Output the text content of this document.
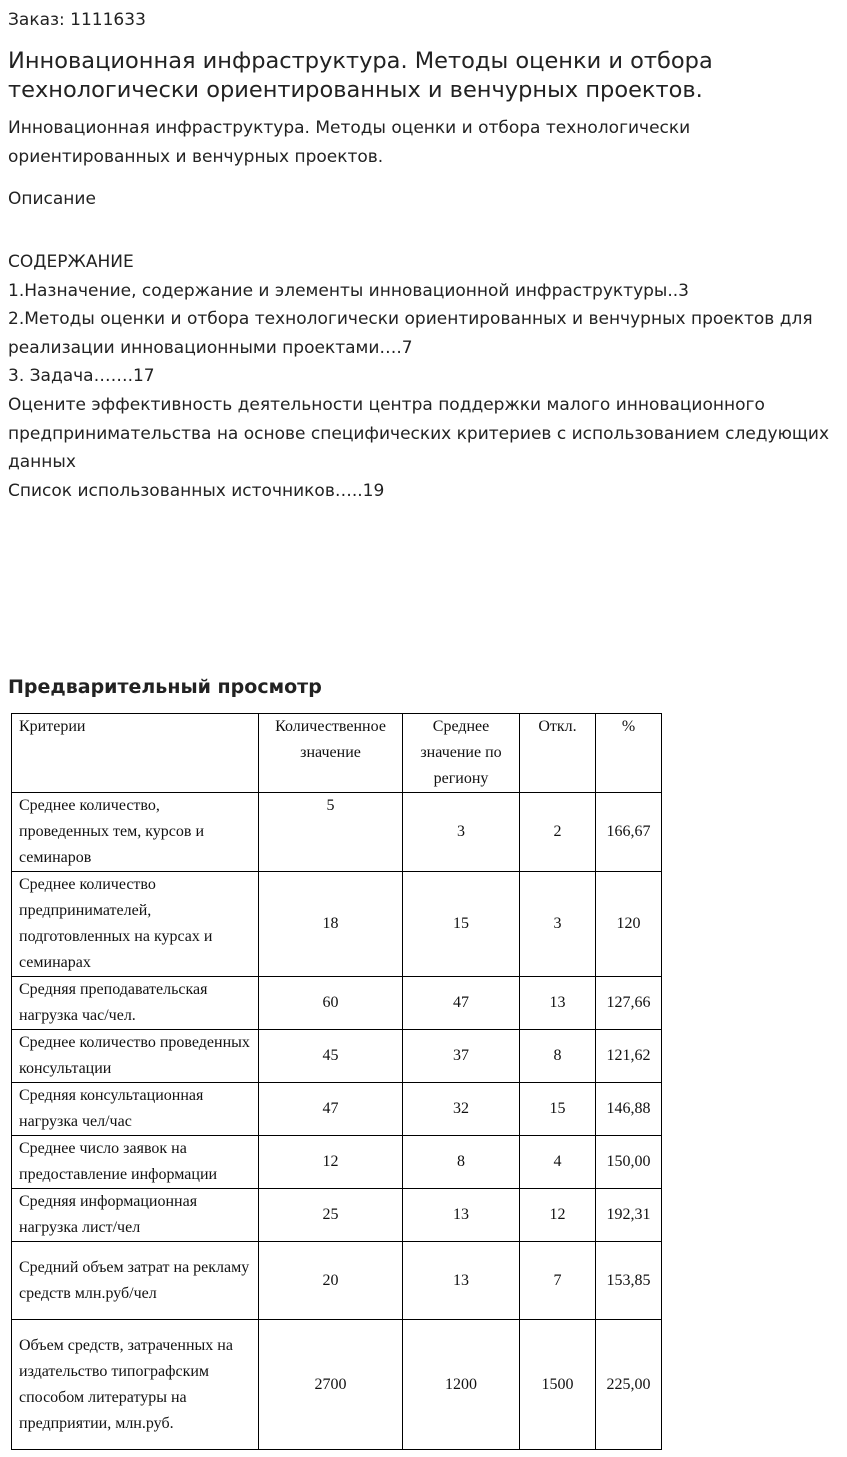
Заказ: 1111633
Инновационная инфраструктура. Методы оценки и отбора технологически ориентированных и венчурных проектов.
Инновационная инфраструктура. Методы оценки и отбора технологически ориентированных и венчурных проектов.
Описание
СОДЕРЖАНИЕ
1.Назначение, содержание и элементы инновационной инфраструктуры..3
2.Методы оценки и отбора технологически ориентированных и венчурных проектов для реализации инновационными проектами….7
3. Задача…….17
Оцените эффективность деятельности центра поддержки малого инновационного предпринимательства на основе специфических критериев с использованием следующих данных
Список использованных источников…..19
Предварительный просмотр
Критерии	Количественное значение	Среднее значение по региону	Откл.	%
Среднее количество, проведенных тем, курсов и семинаров	5	3	2	166,67
Среднее количество предпринимателей, подготовленных на курсах и семинарах	18	15	3	120
Средняя преподавательская нагрузка час/чел.	60	47	13	127,66
Среднее количество проведенных консультации	45	37	8	121,62
Средняя консультационная нагрузка чел/час	47	32	15	146,88
Среднее число заявок на предоставление информации	12	8	4	150,00
Средняя информационная нагрузка лист/чел	25	13	12	192,31
Средний объем затрат на рекламу средств млн.руб/чел	20	13	7	153,85
Объем средств, затраченных на издательство типографским способом литературы на предприятии, млн.руб.	2700	1200	1500	225,00
